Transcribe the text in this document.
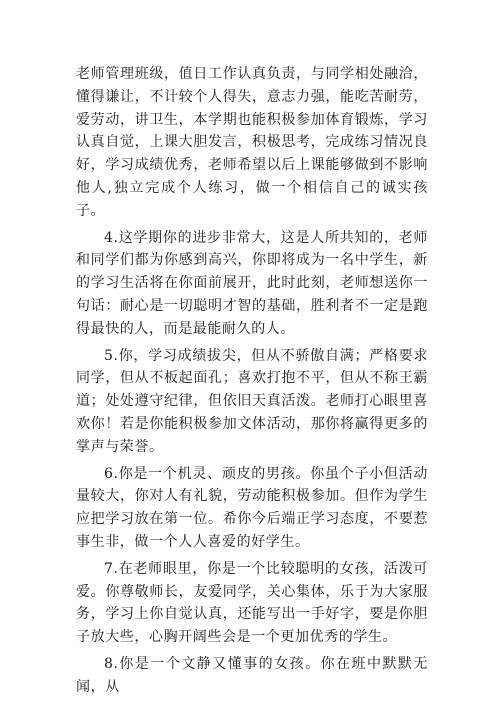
老师管理班级，值日工作认真负责，与同学相处融洽，懂得谦让，不计较个人得失，意志力强，能吃苦耐劳，爱劳动，讲卫生，本学期也能积极参加体育锻炼，学习认真自觉，上课大胆发言，积极思考，完成练习情况良好，学习成绩优秀，老师希望以后上课能够做到不影响他人,独立完成个人练习，做一个相信自己的诚实孩子。

4.这学期你的进步非常大，这是人所共知的，老师和同学们都为你感到高兴，你即将成为一名中学生，新的学习生活将在你面前展开，此时此刻，老师想送你一句话：耐心是一切聪明才智的基础，胜利者不一定是跑得最快的人，而是最能耐久的人。

5.你，学习成绩拔尖，但从不骄傲自满；严格要求同学，但从不板起面孔；喜欢打抱不平，但从不称王霸道；处处遵守纪律，但依旧天真活泼。老师打心眼里喜欢你！若是你能积极参加文体活动，那你将赢得更多的掌声与荣誉。

6.你是一个机灵、顽皮的男孩。你虽个子小但活动量较大，你对人有礼貌，劳动能积极参加。但作为学生应把学习放在第一位。希你今后端正学习态度，不要惹事生非，做一个人人喜爱的好学生。

7.在老师眼里，你是一个比较聪明的女孩，活泼可爱。你尊敬师长，友爱同学，关心集体，乐于为大家服务，学习上你自觉认真，还能写出一手好字，要是你胆子放大些，心胸开阔些会是一个更加优秀的学生。

8.你是一个文静又懂事的女孩。你在班中默默无闻，从
